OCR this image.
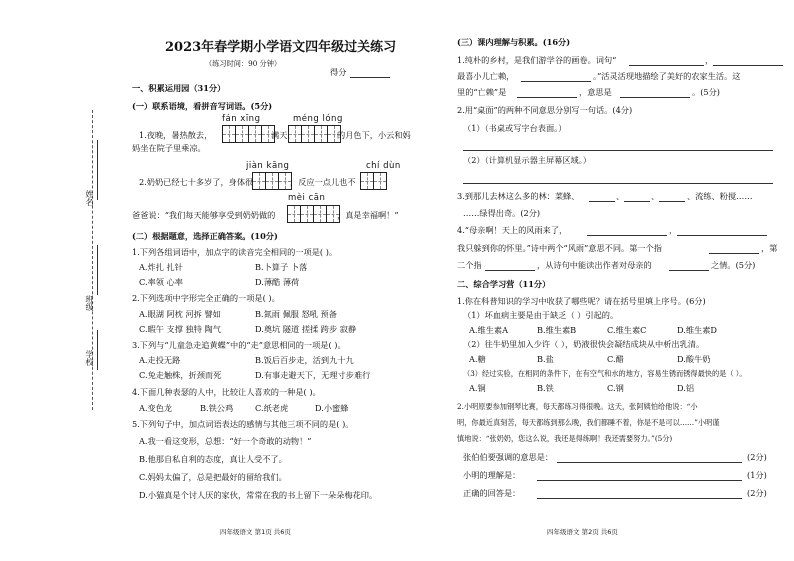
姓名
班级
学校
2023年春学期小学语文四年级过关练习
（练习时间：90 分钟）
得分
一、积累运用园（31分）
(一）联系语境，看拼音写词语。(5分)
fán xīng	méng lóng
1.夜晚，暑热散去，	满天，	的月色下，小云和妈
妈坐在院子里乘凉。
jiàn kāng	chí dùn
2.奶奶已经七十多岁了，身体很	，反应一点儿也不
mèi cān
爸爸说：“我们每天能够享受到奶奶做的	，真是幸福啊！”
(二）根据题意，选择正确答案。(10分)
1.下列各组词语中，加点字的读音完全相同的一项是( )。
A.炸扎 扎针	B.卜算子 卜落
C.率领 心率	D.薄酷 薄荷
2.下列选项中字形完全正确的一项是( )。
A.眼湖 阿枕 河拆 譬如	B.氮雨 佩服 怒吼 预备
C.暇午 支撑 独特 陶气	D.奠坑 隧道 搓揉 跨步 寂静
3.下列与“儿童急走追黄蝶”中的“走”意思相同的一项是( )。
A.走投无路	B.饭后百步走，活到九十九
C.兔走触株，折颈而死	D.有事走避天下，无理寸步难行
4.下面几种表瑟的人中，比较让人喜欢的一种是( )。
A.变色龙	B.铁公鸡	C.纸老虎	D.小蜜蜂
5.下列句子中，加点词语表达的感情与其他三项不同的是( )。
A.我一看这变形，总想：“好一个奇敢的动物！”
B.他那自私自利的态度，真让人受不了。
C.妈妈太偏了，总是把最好的留给我们。
D.小猫真是个讨人厌的家伙，常常在我的书上留下一朵朵梅花印。
四年级语文 第1页 共6页
(三）课内理解与积累。(16分)
1.纯朴的乡村，是我们游学谷的画卷。词句“	，
最喜小儿亡赖，	。”活灵活现地描绘了美好的农家生活。这
里的“亡赖”是	，意思是	。(5分)
2.用“桌面”的两种不同意思分别写一句话。(4分)
（1）（书桌或写字台表面。）
（2）（计算机显示器主屏幕区域。）
3.到那儿去林这么多的林：菜蜂、	、	、	、流练、粉搅……
……绿得出奇。(2分)
4.“母亲啊！天上的风雨来了，	，
我只躲到你的怀里。”诗中两个“风雨”意思不同。第一个指	，第
二个指	，从诗句中能读出作者对母亲的	之情。(5分)
二、综合学习营（11分）
1.你在科普知识的学习中收获了哪些呢？请在括号里填上序号。(6分)
（1）坏血病主要是由于缺乏（ ）引起的。
A.维生素A	B.维生素B	C.维生素C	D.维生素D
（2）往牛奶里加入少许（ ），奶液很快会凝结成块从中析出乳清。
A.糖	B.盐	C.醋	D.酸牛奶
（3）经过实验，在相同的条件下，在有空气和水的地方，容易生锈而锈得最快的是（ ）。
A.铜	B.铁	C.钢	D.铝
2.小明原要参加钢琴比赛，每天都练习得很晚。这天，张阿姨怕给他说：“小
明，你最近真刻苦，每天都练到那么晚，我们都睡不着，你是不是可以……”小明谨
慎地说：“张奶奶，您这么说，我还是得练啊！我还需要努力。”(5分)
张伯伯要强调的意思是：	(2分)
小明的理解是：	(1分)
正确的回答是：	(2分)
四年级语文 第2页 共6页
